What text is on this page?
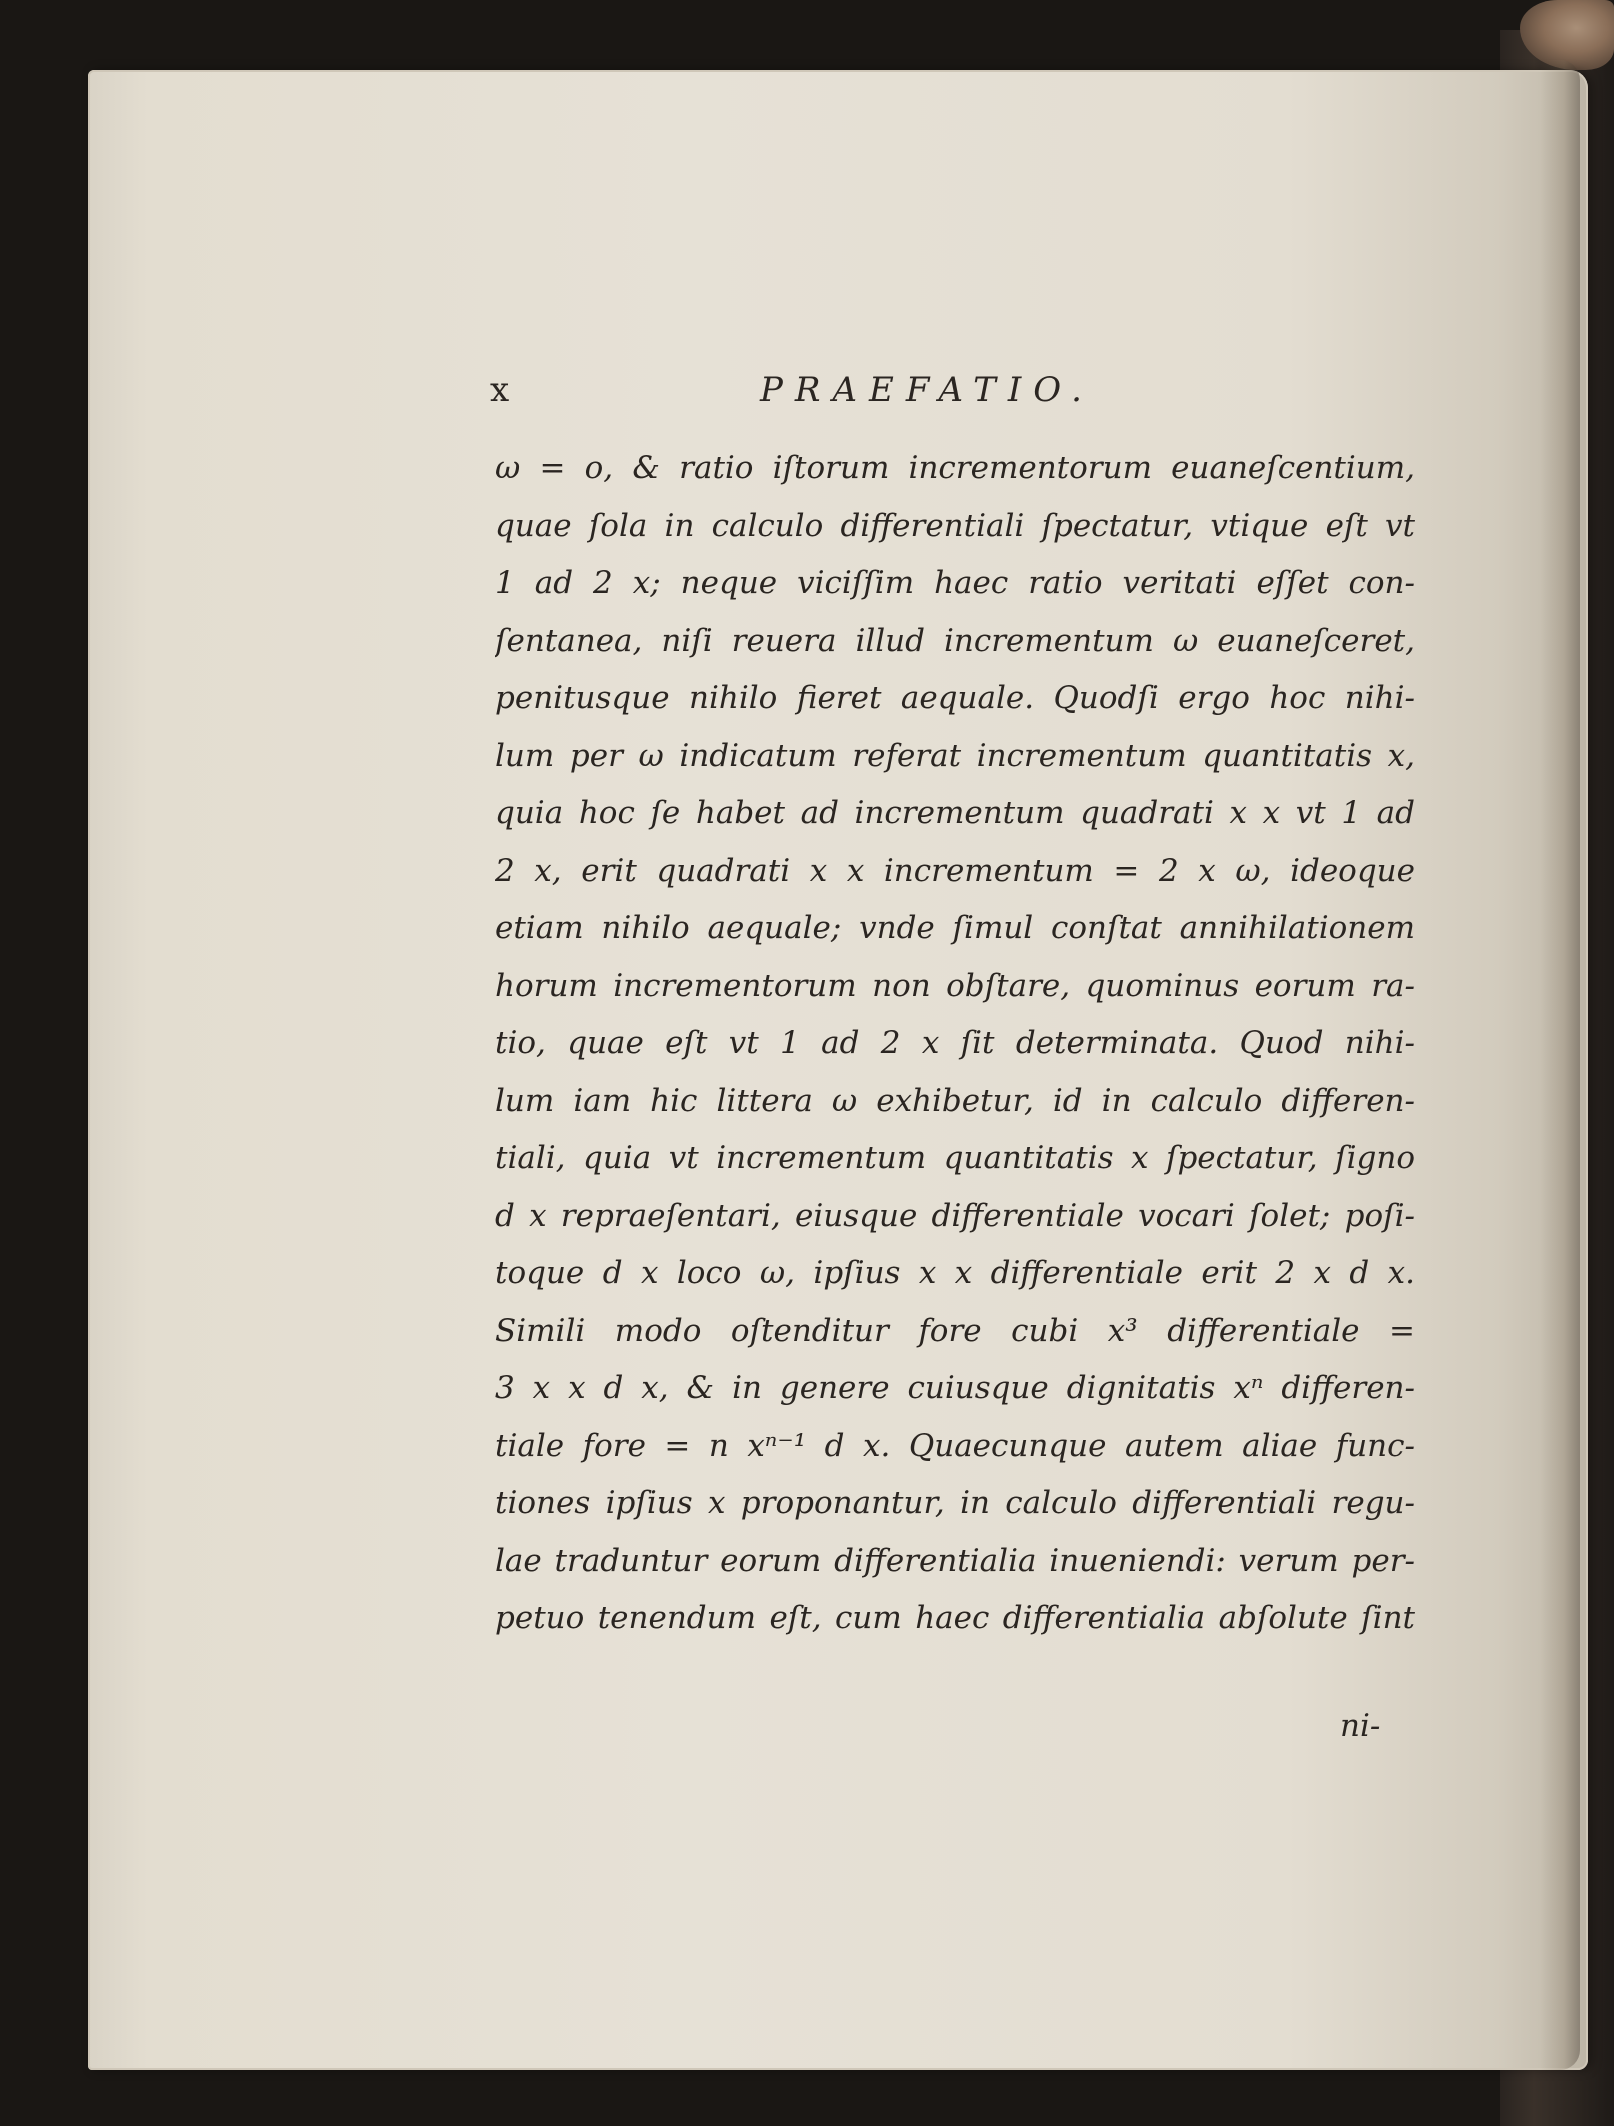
x	PRAEFATIO.
ω = o, & ratio iſtorum incrementorum euaneſcentium,
quae ſola in calculo differentiali ſpectatur, vtique eſt vt
1 ad 2 x; neque viciſſim haec ratio veritati eſſet con-
ſentanea, niſi reuera illud incrementum ω euaneſceret,
penitusque nihilo fieret aequale. Quodſi ergo hoc nihi-
lum per ω indicatum referat incrementum quantitatis x,
quia hoc ſe habet ad incrementum quadrati x x vt 1 ad
2 x, erit quadrati x x incrementum = 2 x ω, ideoque
etiam nihilo aequale; vnde ſimul conſtat annihilationem
horum incrementorum non obſtare, quominus eorum ra-
tio, quae eſt vt 1 ad 2 x ſit determinata. Quod nihi-
lum iam hic littera ω exhibetur, id in calculo differen-
tiali, quia vt incrementum quantitatis x ſpectatur, ſigno
d x repraeſentari, eiusque differentiale vocari ſolet; poſi-
toque d x loco ω, ipſius x x differentiale erit 2 x d x.
Simili modo oſtenditur fore cubi x³ differentiale =
3 x x d x, & in genere cuiusque dignitatis xⁿ differen-
tiale fore = n xⁿ⁻¹ d x. Quaecunque autem aliae func-
tiones ipſius x proponantur, in calculo differentiali regu-
lae traduntur eorum differentialia inueniendi: verum per-
petuo tenendum eſt, cum haec differentialia abſolute ſint
ni-
